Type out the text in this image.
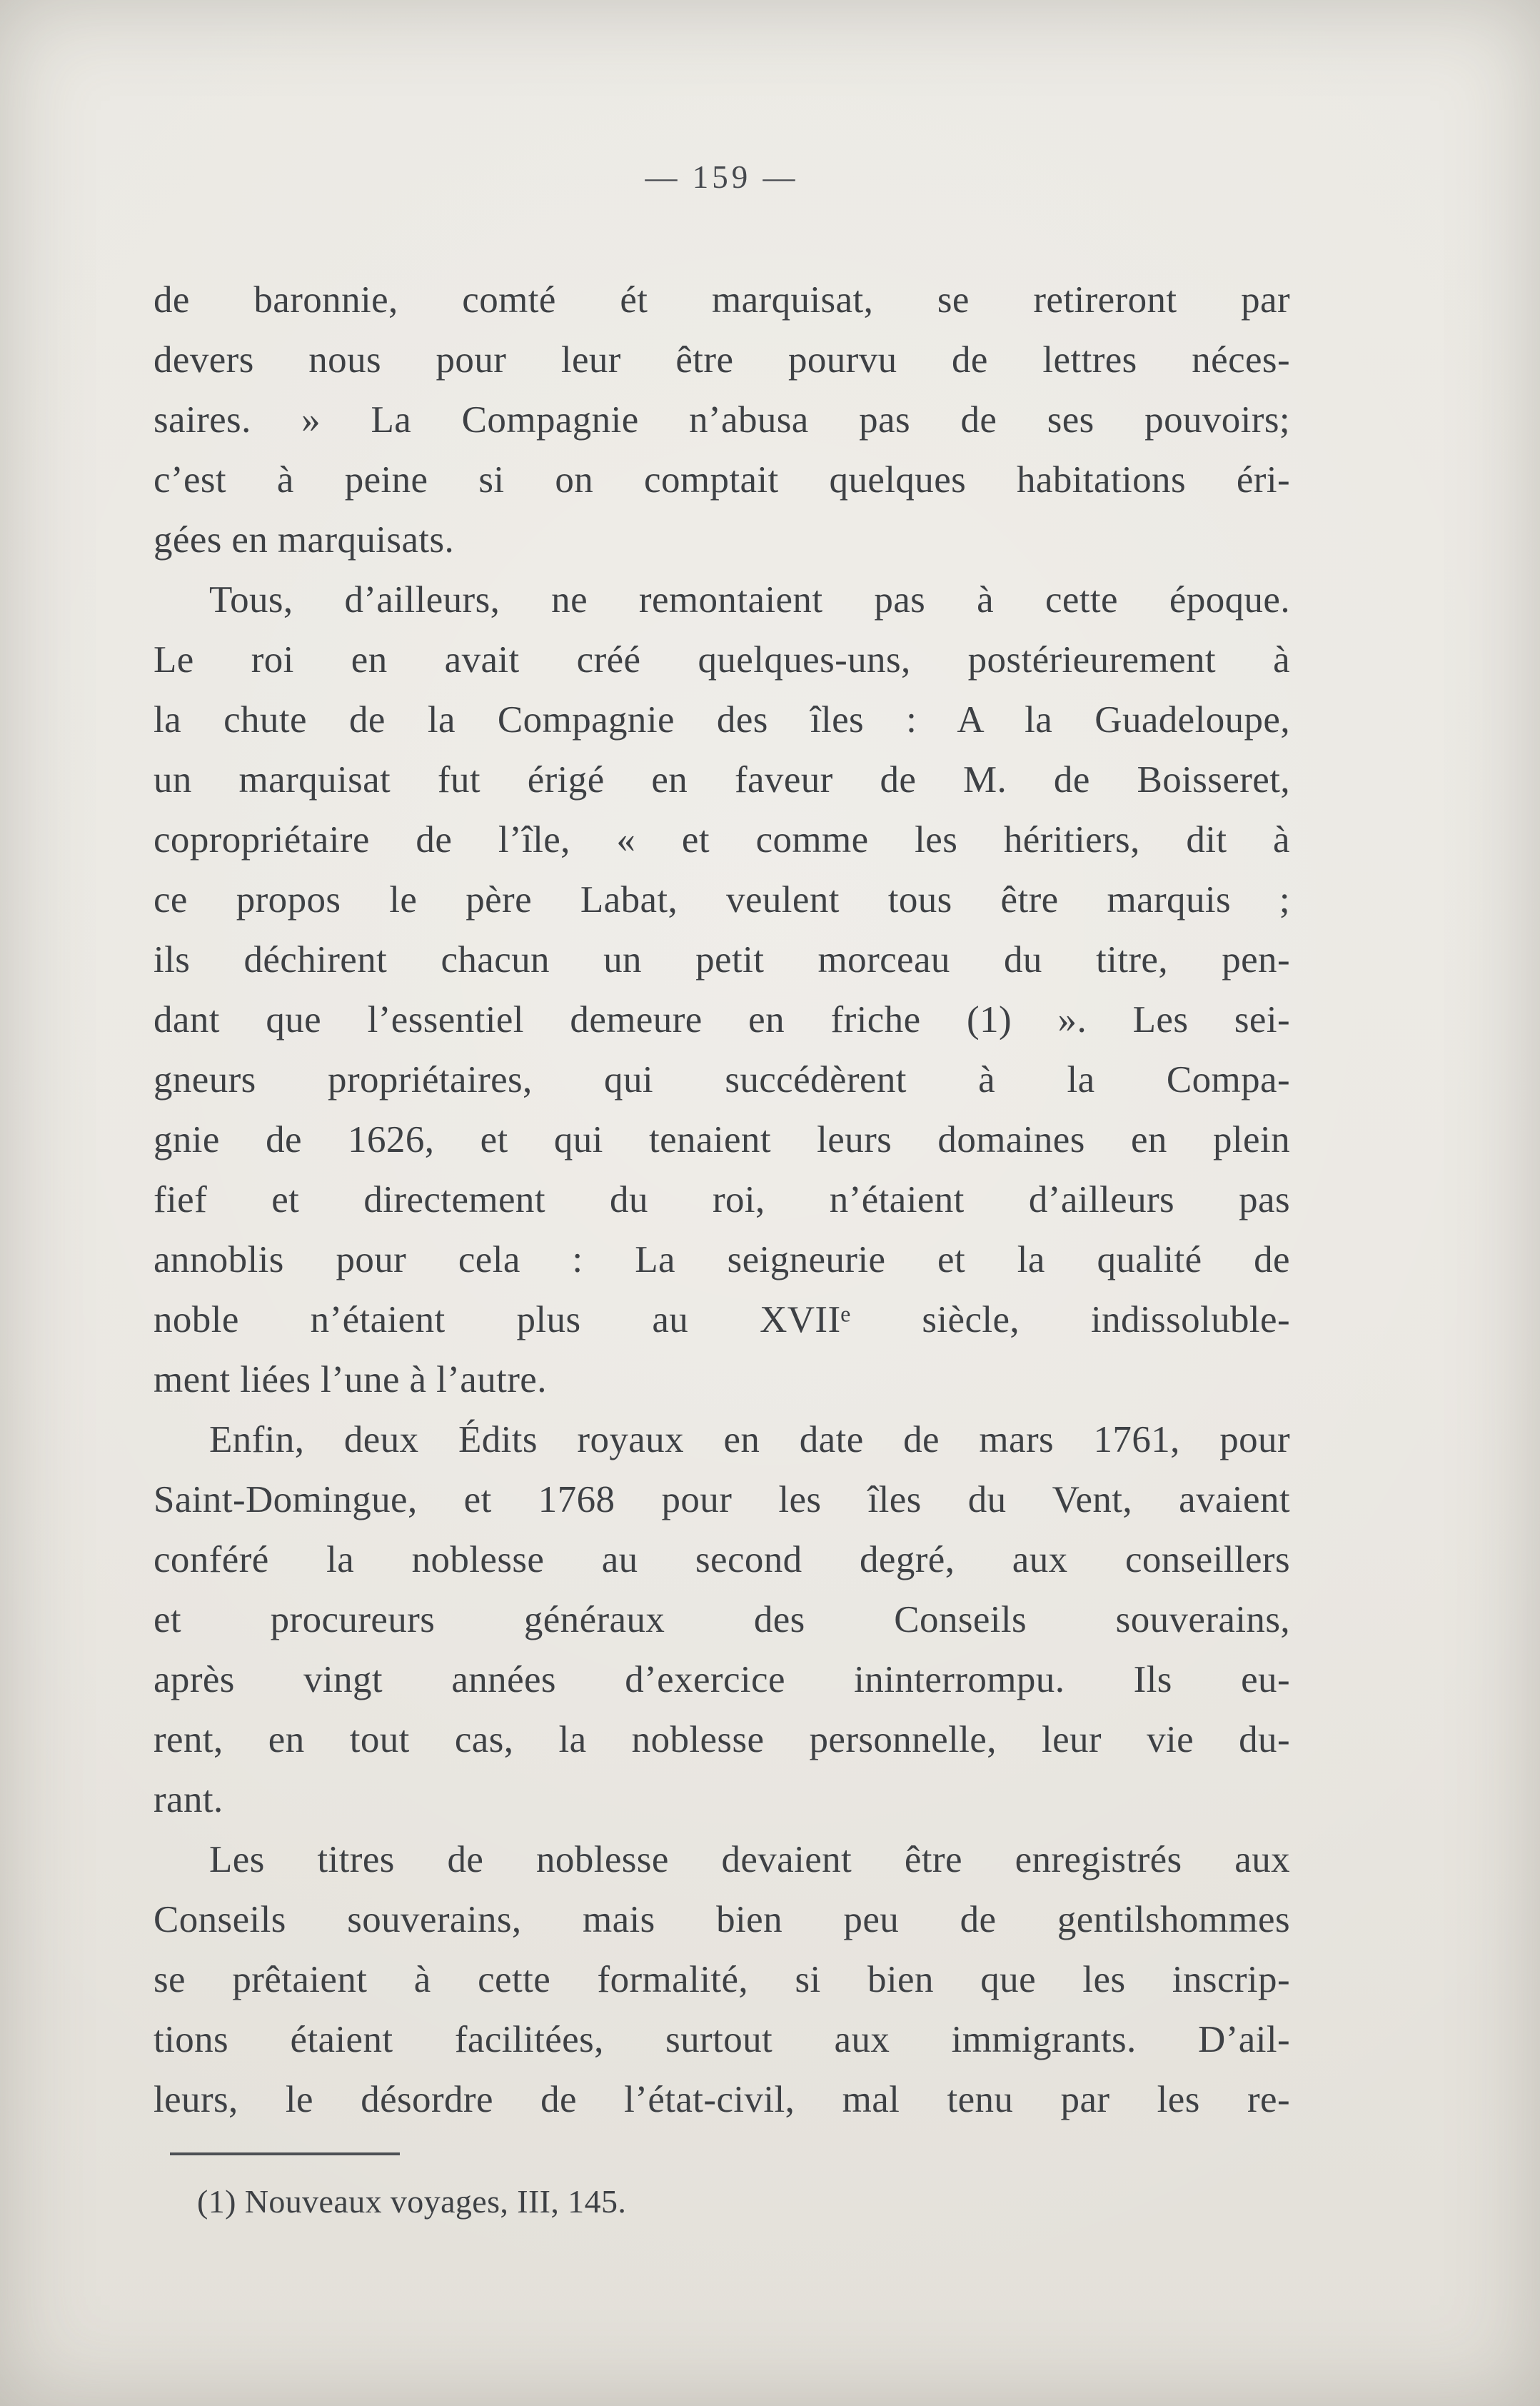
— 159 —
de baronnie, comté ét marquisat, se retireront par
devers nous pour leur être pourvu de lettres néces-
saires. » La Compagnie n’abusa pas de ses pouvoirs;
c’est à peine si on comptait quelques habitations éri-
gées en marquisats.
Tous, d’ailleurs, ne remontaient pas à cette époque.
Le roi en avait créé quelques-uns, postérieurement à
la chute de la Compagnie des îles : A la Guadeloupe,
un marquisat fut érigé en faveur de M. de Boisseret,
copropriétaire de l’île, « et comme les héritiers, dit à
ce propos le père Labat, veulent tous être marquis ;
ils déchirent chacun un petit morceau du titre, pen-
dant que l’essentiel demeure en friche (1) ». Les sei-
gneurs propriétaires, qui succédèrent à la Compa-
gnie de 1626, et qui tenaient leurs domaines en plein
fief et directement du roi, n’étaient d’ailleurs pas
annoblis pour cela : La seigneurie et la qualité de
noble n’étaient plus au XVIIᵉ siècle, indissoluble-
ment liées l’une à l’autre.
Enfin, deux Édits royaux en date de mars 1761, pour
Saint-Domingue, et 1768 pour les îles du Vent, avaient
conféré la noblesse au second degré, aux conseillers
et procureurs généraux des Conseils souverains,
après vingt années d’exercice ininterrompu. Ils eu-
rent, en tout cas, la noblesse personnelle, leur vie du-
rant.
Les titres de noblesse devaient être enregistrés aux
Conseils souverains, mais bien peu de gentilshommes
se prêtaient à cette formalité, si bien que les inscrip-
tions étaient facilitées, surtout aux immigrants. D’ail-
leurs, le désordre de l’état-civil, mal tenu par les re-
(1) Nouveaux voyages, III, 145.
